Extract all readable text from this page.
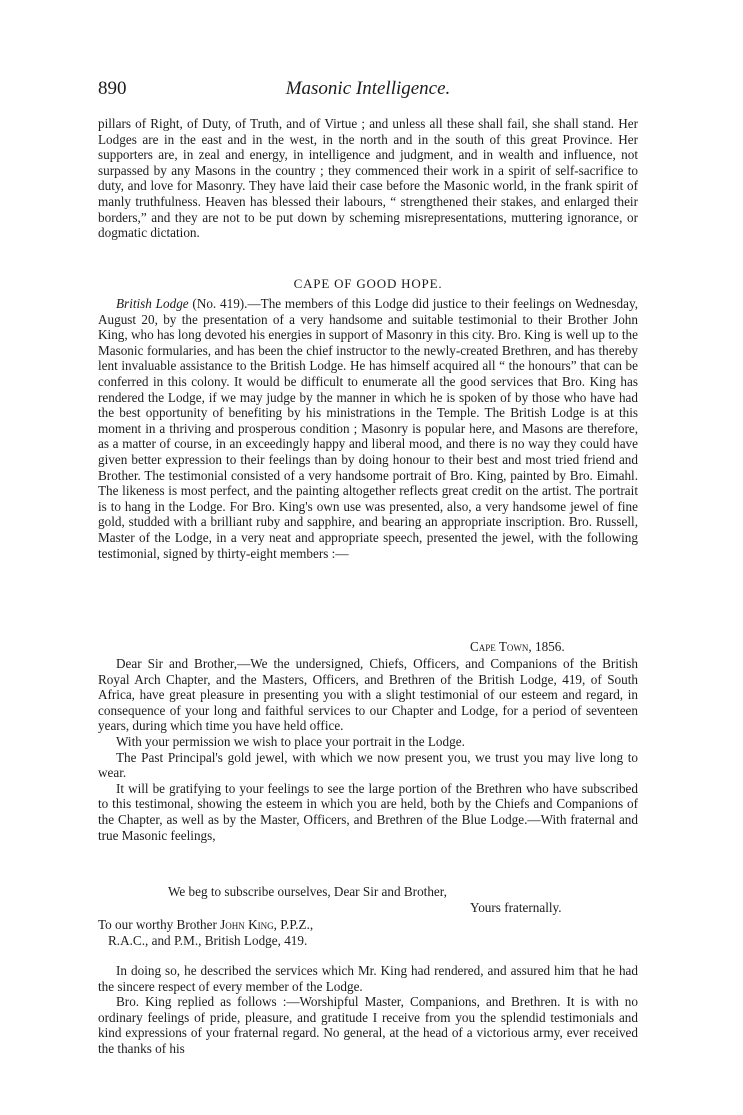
890	Masonic Intelligence.

pillars of Right, of Duty, of Truth, and of Virtue ; and unless all these shall fail, she shall stand. Her Lodges are in the east and in the west, in the north and in the south of this great Province. Her supporters are, in zeal and energy, in intelligence and judgment, and in wealth and influence, not surpassed by any Masons in the country ; they commenced their work in a spirit of self-sacrifice to duty, and love for Masonry. They have laid their case before the Masonic world, in the frank spirit of manly truthfulness. Heaven has blessed their labours, “ strengthened their stakes, and enlarged their borders,” and they are not to be put down by scheming misrepresentations, muttering ignorance, or dogmatic dictation.

CAPE OF GOOD HOPE.
British Lodge (No. 419).—The members of this Lodge did justice to their feelings on Wednesday, August 20, by the presentation of a very handsome and suitable testimonial to their Brother John King, who has long devoted his energies in support of Masonry in this city. Bro. King is well up to the Masonic formularies, and has been the chief instructor to the newly-created Brethren, and has thereby lent invaluable assistance to the British Lodge. He has himself acquired all “ the honours” that can be conferred in this colony. It would be difficult to enumerate all the good services that Bro. King has rendered the Lodge, if we may judge by the manner in which he is spoken of by those who have had the best opportunity of benefiting by his ministrations in the Temple. The British Lodge is at this moment in a thriving and prosperous condition ; Masonry is popular here, and Masons are therefore, as a matter of course, in an exceedingly happy and liberal mood, and there is no way they could have given better expression to their feelings than by doing honour to their best and most tried friend and Brother. The testimonial consisted of a very handsome portrait of Bro. King, painted by Bro. Eimahl. The likeness is most perfect, and the painting altogether reflects great credit on the artist. The portrait is to hang in the Lodge. For Bro. King's own use was presented, also, a very handsome jewel of fine gold, studded with a brilliant ruby and sapphire, and bearing an appropriate inscription. Bro. Russell, Master of the Lodge, in a very neat and appropriate speech, presented the jewel, with the following testimonial, signed by thirty-eight members :—
Cape Town, 1856.

Dear Sir and Brother,—We the undersigned, Chiefs, Officers, and Companions of the British Royal Arch Chapter, and the Masters, Officers, and Brethren of the British Lodge, 419, of South Africa, have great pleasure in presenting you with a slight testimonial of our esteem and regard, in consequence of your long and faithful services to our Chapter and Lodge, for a period of seventeen years, during which time you have held office.

With your permission we wish to place your portrait in the Lodge.

The Past Principal's gold jewel, with which we now present you, we trust you may live long to wear.

It will be gratifying to your feelings to see the large portion of the Brethren who have subscribed to this testimonal, showing the esteem in which you are held, both by the Chiefs and Companions of the Chapter, as well as by the Master, Officers, and Brethren of the Blue Lodge.—With fraternal and true Masonic feelings,

We beg to subscribe ourselves, Dear Sir and Brother,
Yours fraternally.
To our worthy Brother John King, P.P.Z.,
R.A.C., and P.M., British Lodge, 419.

In doing so, he described the services which Mr. King had rendered, and assured him that he had the sincere respect of every member of the Lodge.

Bro. King replied as follows :—Worshipful Master, Companions, and Brethren. It is with no ordinary feelings of pride, pleasure, and gratitude I receive from you the splendid testimonials and kind expressions of your fraternal regard. No general, at the head of a victorious army, ever received the thanks of his
